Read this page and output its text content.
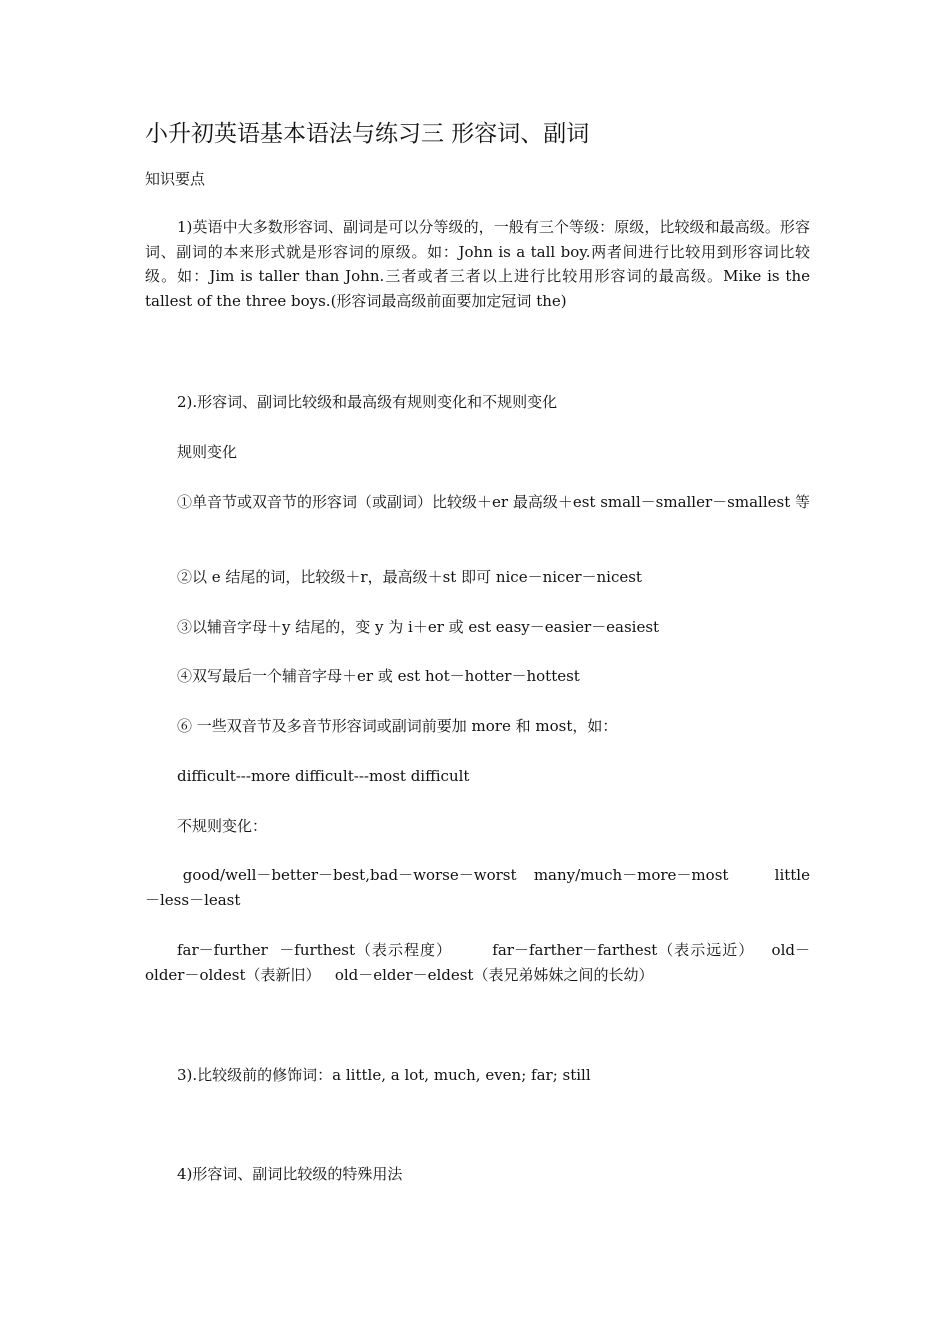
小升初英语基本语法与练习三 形容词、副词
知识要点

1)英语中大多数形容词、副词是可以分等级的，一般有三个等级：原级，比较级和最高级。形容词、副词的本来形式就是形容词的原级。如：John is a tall boy.两者间进行比较用到形容词比较级。如：Jim is taller than John.三者或者三者以上进行比较用形容词的最高级。Mike is the tallest of the three boys.(形容词最高级前面要加定冠词 the)

2).形容词、副词比较级和最高级有规则变化和不规则变化

规则变化

①单音节或双音节的形容词（或副词）比较级＋er 最高级＋est small－smaller－smallest 等

②以 e 结尾的词，比较级＋r，最高级＋st 即可 nice－nicer－nicest

③以辅音字母＋y 结尾的，变 y 为 i＋er 或 est easy－easier－easiest

④双写最后一个辅音字母＋er 或 est hot－hotter－hottest

⑥ 一些双音节及多音节形容词或副词前要加 more 和 most，如：

difficult---more difficult---most difficult

不规则变化：

good/well－better－best,bad－worse－worst   many/much－more－most        little－less－least

far－further  －furthest（表示程度）       far－farther－farthest（表示远近）   old－older－oldest（表新旧）   old－elder－eldest（表兄弟姊妹之间的长幼）

3).比较级前的修饰词：a little, a lot, much, even; far; still

4)形容词、副词比较级的特殊用法
